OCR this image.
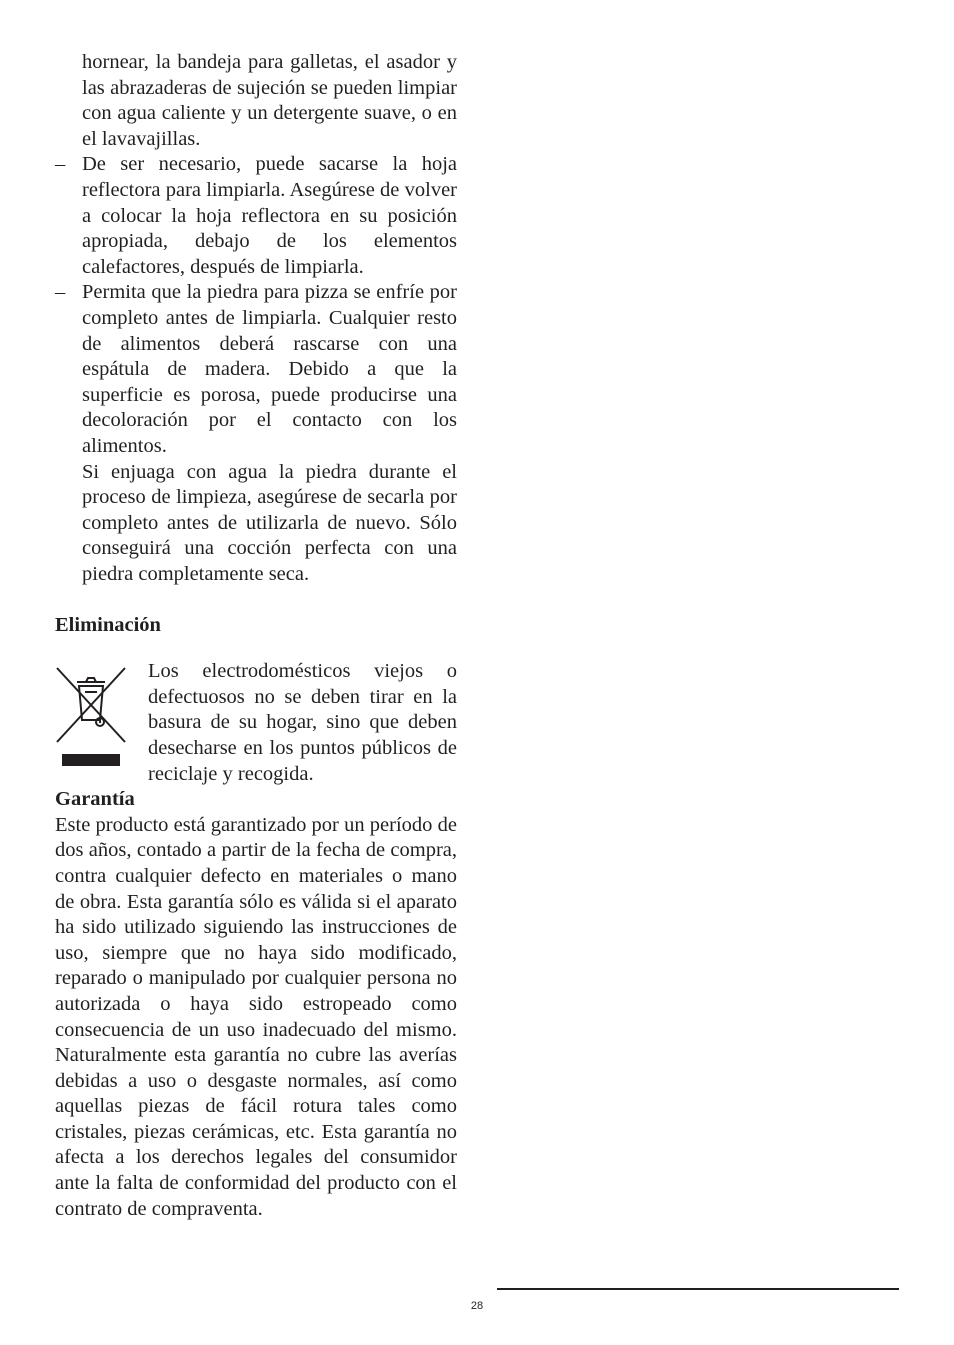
hornear, la bandeja para galletas, el asador y las abrazaderas de sujeción se pueden limpiar con agua caliente y un detergente suave, o en el lavavajillas.

– De ser necesario, puede sacarse la hoja reflectora para limpiarla. Asegúrese de volver a colocar la hoja reflectora en su posición apropiada, debajo de los elementos calefactores, después de limpiarla.

– Permita que la piedra para pizza se enfríe por completo antes de limpiarla. Cualquier resto de alimentos deberá rascarse con una espátula de madera. Debido a que la superficie es porosa, puede producirse una decoloración por el contacto con los alimentos.

Si enjuaga con agua la piedra durante el proceso de limpieza, asegúrese de secarla por completo antes de utilizarla de nuevo. Sólo conseguirá una cocción perfecta con una piedra completamente seca.

Eliminación

Los electrodomésticos viejos o defectuosos no se deben tirar en la basura de su hogar, sino que deben desecharse en los puntos públicos de reciclaje y recogida.

Garantía

Este producto está garantizado por un período de dos años, contado a partir de la fecha de compra, contra cualquier defecto en materiales o mano de obra. Esta garantía sólo es válida si el aparato ha sido utilizado siguiendo las instrucciones de uso, siempre que no haya sido modificado, reparado o manipulado por cualquier persona no autorizada o haya sido estropeado como consecuencia de un uso inadecuado del mismo. Naturalmente esta garantía no cubre las averías debidas a uso o desgaste normales, así como aquellas piezas de fácil rotura tales como cristales, piezas cerámicas, etc. Esta garantía no afecta a los derechos legales del consumidor ante la falta de conformidad del producto con el contrato de compraventa.

28
